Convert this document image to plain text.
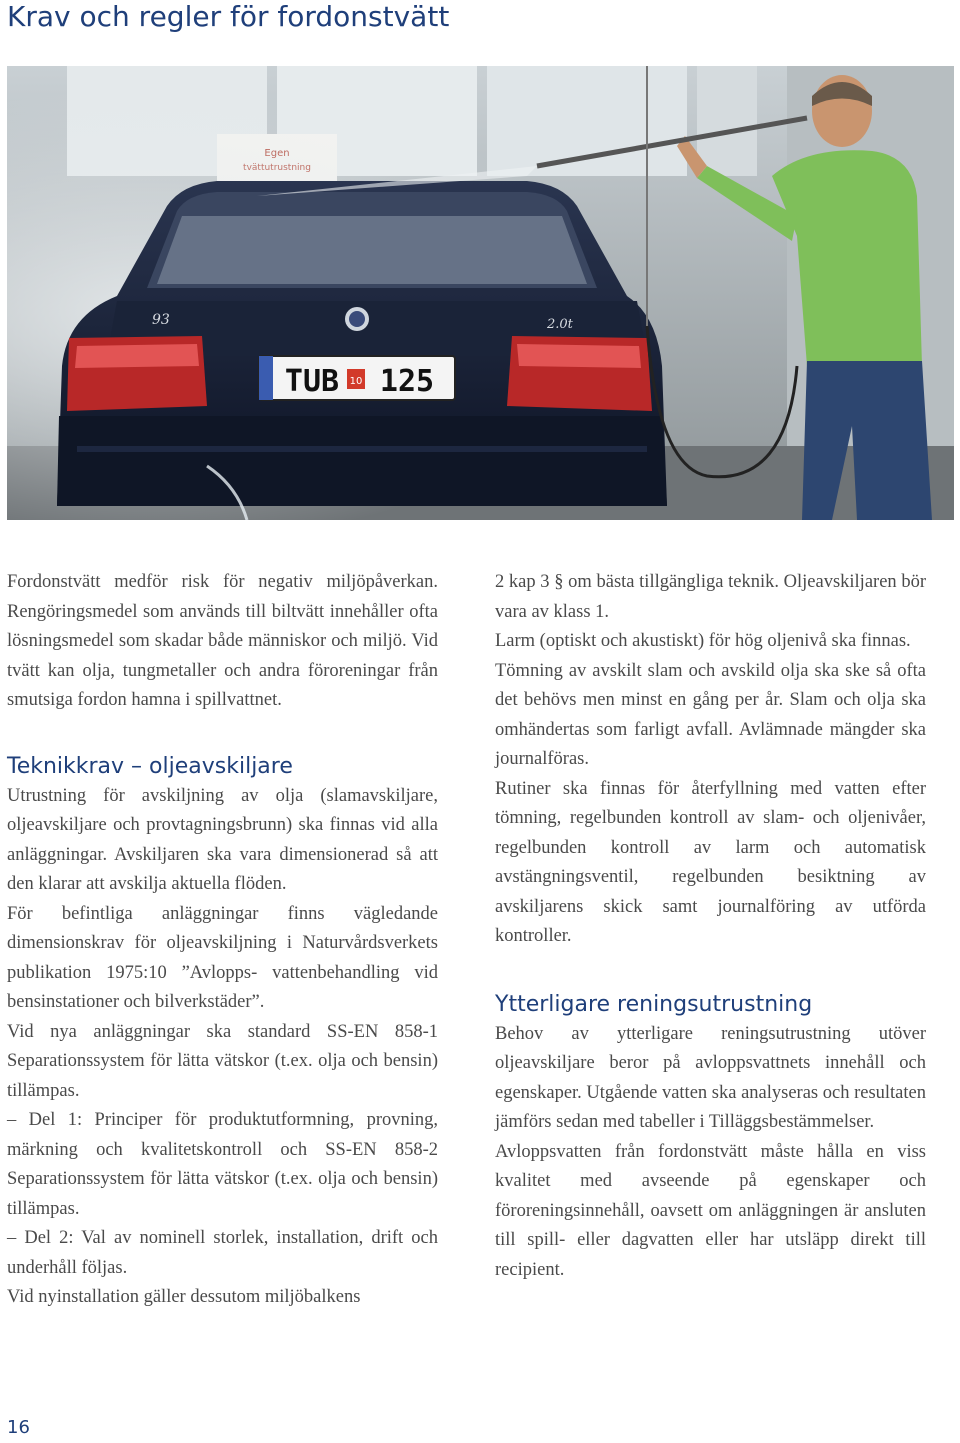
Krav och regler för fordonstvätt
93	2.0t
TUB 10 125

Fordonstvätt medför risk för negativ miljöpåverkan. Rengöringsmedel som används till biltvätt innehåller ofta lösningsmedel som skadar både människor och miljö. Vid tvätt kan olja, tungmetaller och andra föroreningar från smutsiga fordon hamna i spillvattnet.

Teknikkrav – oljeavskiljare

Utrustning för avskiljning av olja (slamavskiljare, oljeavskiljare och provtagningsbrunn) ska finnas vid alla anläggningar. Avskiljaren ska vara dimensionerad så att den klarar att avskilja aktuella flöden.

För befintliga anläggningar finns vägledande dimensionskrav för oljeavskiljning i Naturvårdsverkets publikation 1975:10 ”Avlopps- vattenbehandling vid bensinstationer och bilverkstäder”.

Vid nya anläggningar ska standard SS-EN 858-1 Separationssystem för lätta vätskor (t.ex. olja och bensin) tillämpas.

– Del 1: Principer för produktutformning, provning, märkning och kvalitetskontroll och SS-EN 858-2 Separationssystem för lätta vätskor (t.ex. olja och bensin) tillämpas.

– Del 2: Val av nominell storlek, installation, drift och underhåll följas.

Vid nyinstallation gäller dessutom miljöbalkens

2 kap 3 § om bästa tillgängliga teknik. Oljeavskiljaren bör vara av klass 1.

Larm (optiskt och akustiskt) för hög oljenivå ska finnas.

Tömning av avskilt slam och avskild olja ska ske så ofta det behövs men minst en gång per år. Slam och olja ska omhändertas som farligt avfall. Avlämnade mängder ska journalföras.

Rutiner ska finnas för återfyllning med vatten efter tömning, regelbunden kontroll av slam- och oljenivåer, regelbunden kontroll av larm och automatisk avstängningsventil, regelbunden besiktning av avskiljarens skick samt journalföring av utförda kontroller.

Ytterligare reningsutrustning

Behov av ytterligare reningsutrustning utöver oljeavskiljare beror på avloppsvattnets innehåll och egenskaper. Utgående vatten ska analyseras och resultaten jämförs sedan med tabeller i Tilläggsbestämmelser.

Avloppsvatten från fordonstvätt måste hålla en viss kvalitet med avseende på egenskaper och föroreningsinnehåll, oavsett om anläggningen är ansluten till spill- eller dagvatten eller har utsläpp direkt till recipient.

16
